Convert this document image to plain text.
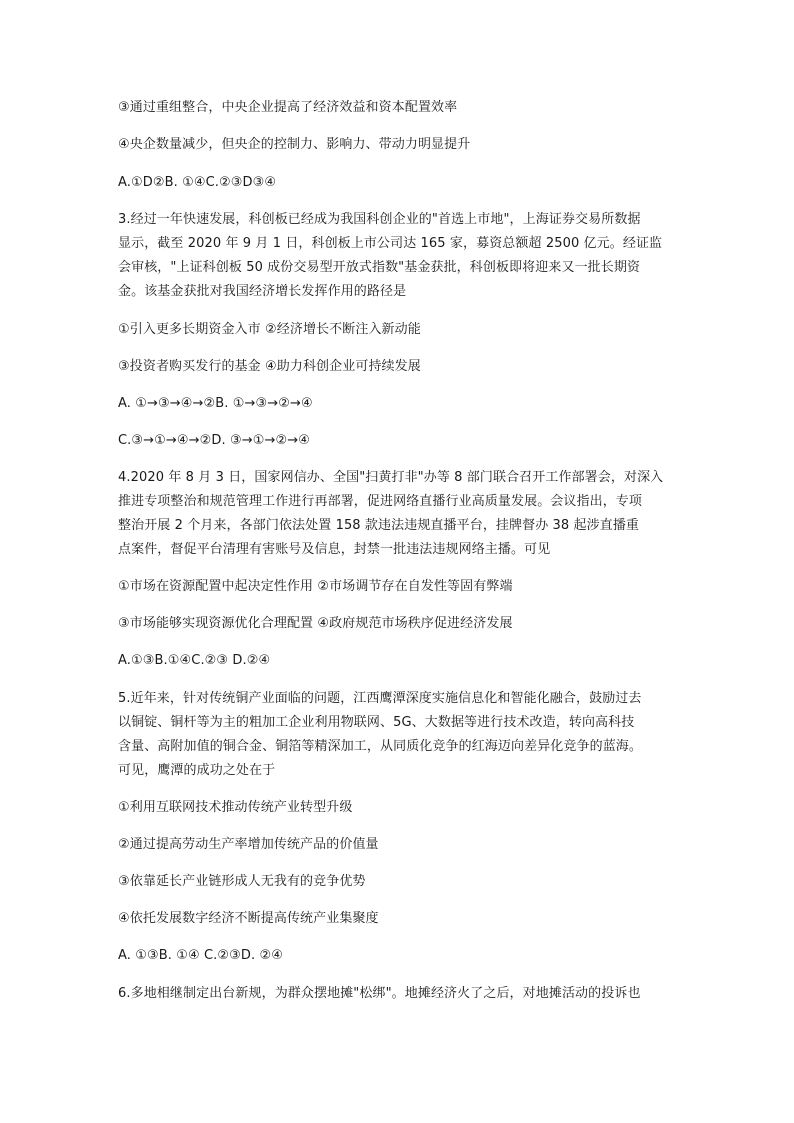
③通过重组整合，中央企业提高了经济效益和资本配置效率
④央企数量减少，但央企的控制力、影响力、带动力明显提升
A.①D②B. ①④C.②③D③④
3.经过一年快速发展，科创板已经成为我国科创企业的"首选上市地"，上海证券交易所数据
显示，截至 2020 年 9 月 1 日，科创板上市公司达 165 家，募资总额超 2500 亿元。经证监
会审核，"上证科创板 50 成份交易型开放式指数"基金获批，科创板即将迎来又一批长期资
金。该基金获批对我国经济增长发挥作用的路径是
①引入更多长期资金入市 ②经济增长不断注入新动能
③投资者购买发行的基金 ④助力科创企业可持续发展
A. ①→③→④→②B. ①→③→②→④
C.③→①→④→②D. ③→①→②→④
4.2020 年 8 月 3 日，国家网信办、全国"扫黄打非"办等 8 部门联合召开工作部署会，对深入
推进专项整治和规范管理工作进行再部署，促进网络直播行业高质量发展。会议指出，专项
整治开展 2 个月来，各部门依法处置 158 款违法违规直播平台，挂牌督办 38 起涉直播重
点案件，督促平台清理有害账号及信息，封禁一批违法违规网络主播。可见
①市场在资源配置中起决定性作用 ②市场调节存在自发性等固有弊端
③市场能够实现资源优化合理配置 ④政府规范市场秩序促进经济发展
A.①③B.①④C.②③ D.②④
5.近年来，针对传统铜产业面临的问题，江西鹰潭深度实施信息化和智能化融合，鼓励过去
以铜锭、铜杆等为主的粗加工企业利用物联网、5G、大数据等进行技术改造，转向高科技
含量、高附加值的铜合金、铜箔等精深加工，从同质化竞争的红海迈向差异化竞争的蓝海。
可见，鹰潭的成功之处在于
①利用互联网技术推动传统产业转型升级
②通过提高劳动生产率增加传统产品的价值量
③依靠延长产业链形成人无我有的竞争优势
④依托发展数字经济不断提高传统产业集聚度
A. ①③B. ①④ C.②③D. ②④
6.多地相继制定出台新规，为群众摆地摊"松绑"。地摊经济火了之后，对地摊活动的投诉也
